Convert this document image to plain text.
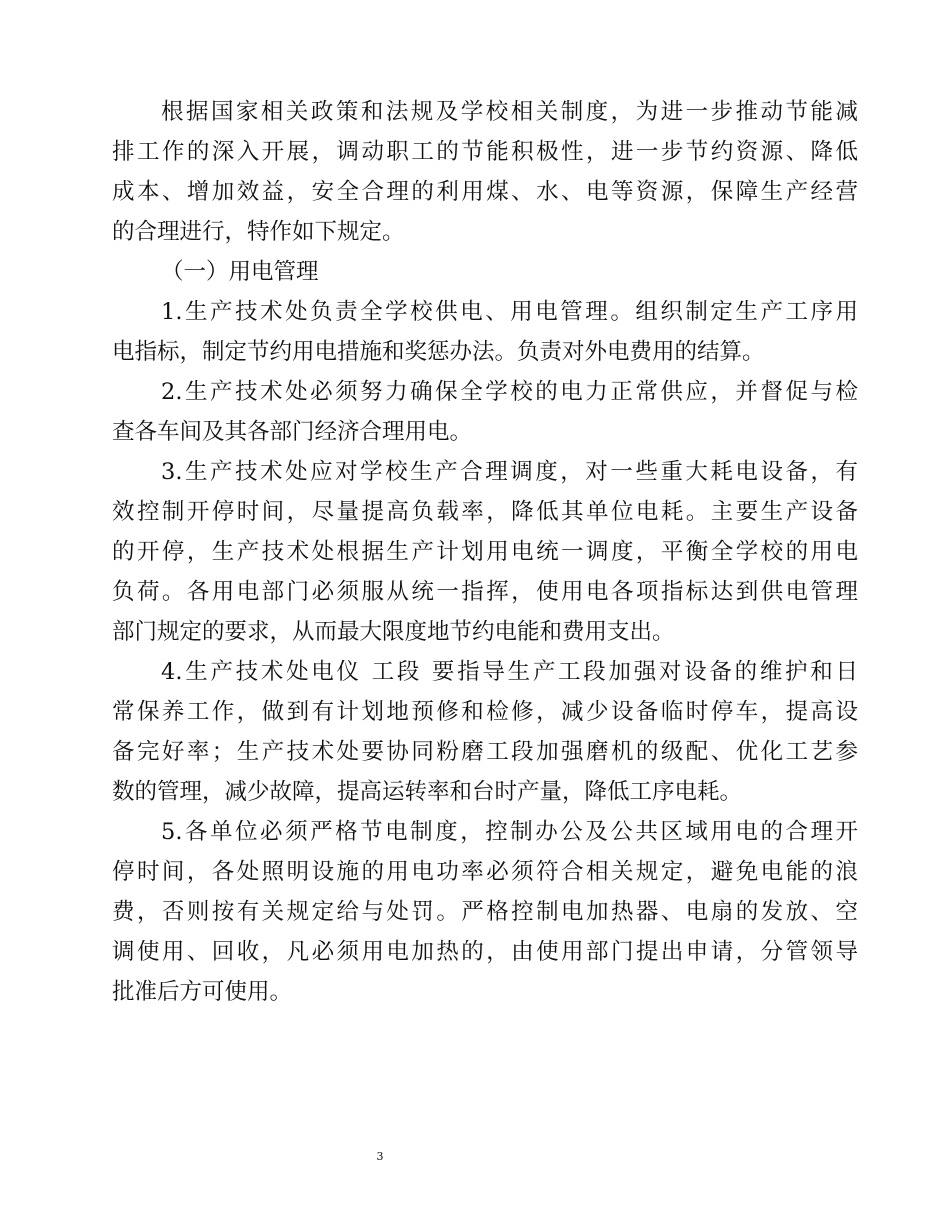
根据国家相关政策和法规及学校相关制度，为进一步推动节能减
排工作的深入开展，调动职工的节能积极性，进一步节约资源、降低
成本、增加效益，安全合理的利用煤、水、电等资源，保障生产经营
的合理进行，特作如下规定。
（一）用电管理
1.生产技术处负责全学校供电、用电管理。组织制定生产工序用
电指标，制定节约用电措施和奖惩办法。负责对外电费用的结算。
2.生产技术处必须努力确保全学校的电力正常供应，并督促与检
查各车间及其各部门经济合理用电。
3.生产技术处应对学校生产合理调度，对一些重大耗电设备，有
效控制开停时间，尽量提高负载率，降低其单位电耗。主要生产设备
的开停，生产技术处根据生产计划用电统一调度，平衡全学校的用电
负荷。各用电部门必须服从统一指挥，使用电各项指标达到供电管理
部门规定的要求，从而最大限度地节约电能和费用支出。
4.生产技术处电仪 工段 要指导生产工段加强对设备的维护和日
常保养工作，做到有计划地预修和检修，减少设备临时停车，提高设
备完好率；生产技术处要协同粉磨工段加强磨机的级配、优化工艺参
数的管理，减少故障，提高运转率和台时产量，降低工序电耗。
5.各单位必须严格节电制度，控制办公及公共区域用电的合理开
停时间，各处照明设施的用电功率必须符合相关规定，避免电能的浪
费，否则按有关规定给与处罚。严格控制电加热器、电扇的发放、空
调使用、回收，凡必须用电加热的，由使用部门提出申请，分管领导
批准后方可使用。
3
